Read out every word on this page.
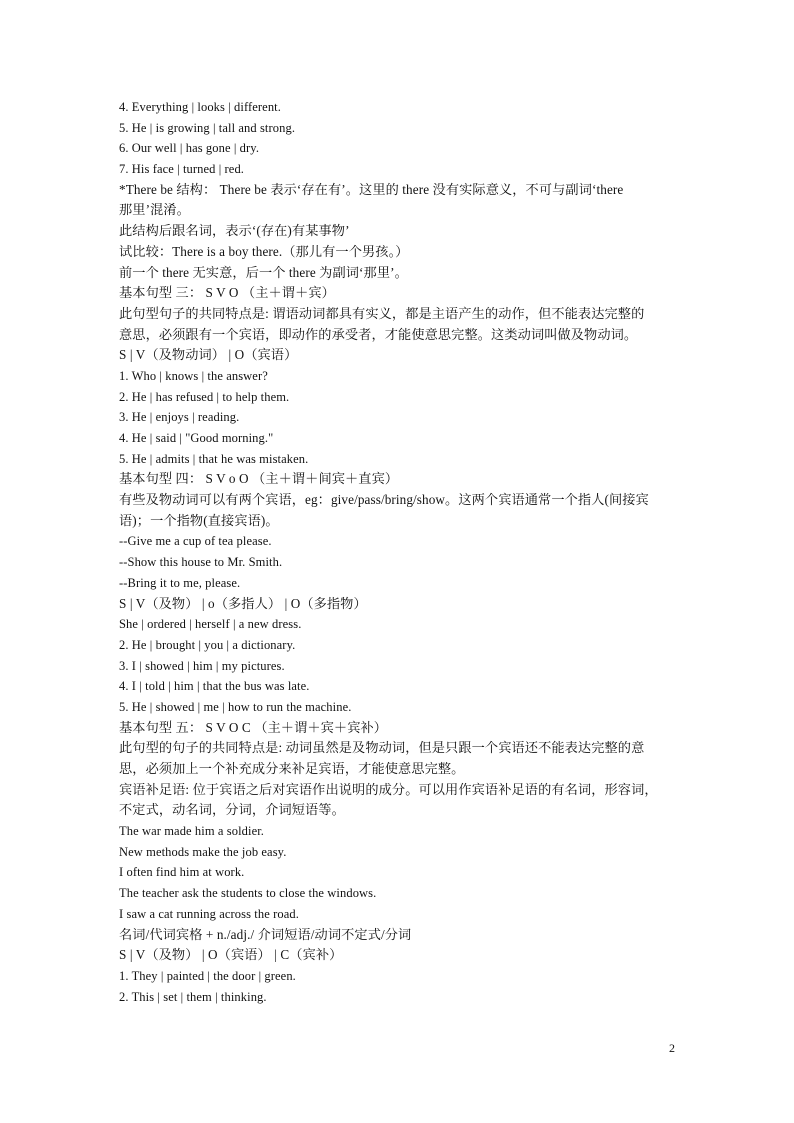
4. Everything | looks | different.
5. He | is growing | tall and strong.
6. Our well | has gone | dry.
7. His face | turned | red.
*There be 结构： There be 表示‘存在有’。这里的 there 没有实际意义，不可与副词‘there
那里’混淆。
此结构后跟名词，表示‘(存在)有某事物’
试比较：There is a boy there.（那儿有一个男孩。）
前一个 there 无实意，后一个 there 为副词‘那里’。
基本句型 三： S V O （主＋谓＋宾）
此句型句子的共同特点是: 谓语动词都具有实义，都是主语产生的动作，但不能表达完整的
意思，必须跟有一个宾语，即动作的承受者，才能使意思完整。这类动词叫做及物动词。
S | V（及物动词） | O（宾语）
1. Who | knows | the answer?
2. He | has refused | to help them.
3. He | enjoys | reading.
4. He | said | "Good morning."
5. He | admits | that he was mistaken.
基本句型 四： S V o O （主＋谓＋间宾＋直宾）
有些及物动词可以有两个宾语，eg：give/pass/bring/show。这两个宾语通常一个指人(间接宾
语)；一个指物(直接宾语)。
--Give me a cup of tea please.
--Show this house to Mr. Smith.
--Bring it to me, please.
S | V（及物） | o（多指人） | O（多指物）
She | ordered | herself | a new dress.
2. He | brought | you | a dictionary.
3. I | showed | him | my pictures.
4. I | told | him | that the bus was late.
5. He | showed | me | how to run the machine.
基本句型 五： S V O C （主＋谓＋宾＋宾补）
此句型的句子的共同特点是: 动词虽然是及物动词，但是只跟一个宾语还不能表达完整的意
思，必须加上一个补充成分来补足宾语，才能使意思完整。
宾语补足语: 位于宾语之后对宾语作出说明的成分。可以用作宾语补足语的有名词，形容词，
不定式，动名词，分词，介词短语等。
The war made him a soldier.
New methods make the job easy.
I often find him at work.
The teacher ask the students to close the windows.
I saw a cat running across the road.
名词/代词宾格 + n./adj./ 介词短语/动词不定式/分词
S | V（及物） | O（宾语） | C（宾补）
1. They | painted | the door | green.
2. This | set | them | thinking.
2
